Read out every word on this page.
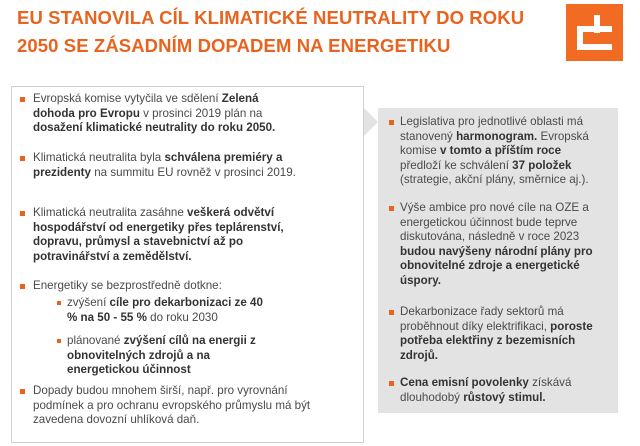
EU STANOVILA CÍL KLIMATICKÉ NEUTRALITY DO ROKU 2050 SE ZÁSADNÍM DOPADEM NA ENERGETIKU
Evropská komise vytyčila ve sdělení Zelená dohoda pro Evropu v prosinci 2019 plán na dosažení klimatické neutrality do roku 2050.
Klimatická neutralita byla schválena premiéry a prezidenty na summitu EU rovněž v prosinci 2019.
Klimatická neutralita zasáhne veškerá odvětví hospodářství od energetiky přes teplárenství, dopravu, průmysl a stavebnictví až po potravinářství a zemědělství.
Energetiky se bezprostředně dotkne:
zvýšení cíle pro dekarbonizaci ze 40 % na 50 - 55 % do roku 2030
plánované zvýšení cílů na energii z obnovitelných zdrojů a na energetickou účinnost
Dopady budou mnohem širší, např. pro vyrovnání podmínek a pro ochranu evropského průmyslu má být zavedena dovozní uhlíková daň.
Legislativa pro jednotlivé oblasti má stanovený harmonogram. Evropská komise v tomto a příštím roce předloží ke schválení 37 položek (strategie, akční plány, směrnice aj.).
Výše ambice pro nové cíle na OZE a energetickou účinnost bude teprve diskutována, následně v roce 2023 budou navýšeny národní plány pro obnovitelné zdroje a energetické úspory.
Dekarbonizace řady sektorů má proběhnout díky elektrifikaci, poroste potřeba elektřiny z bezemisních zdrojů.
Cena emisní povolenky získává dlouhodobý růstový stimul.
